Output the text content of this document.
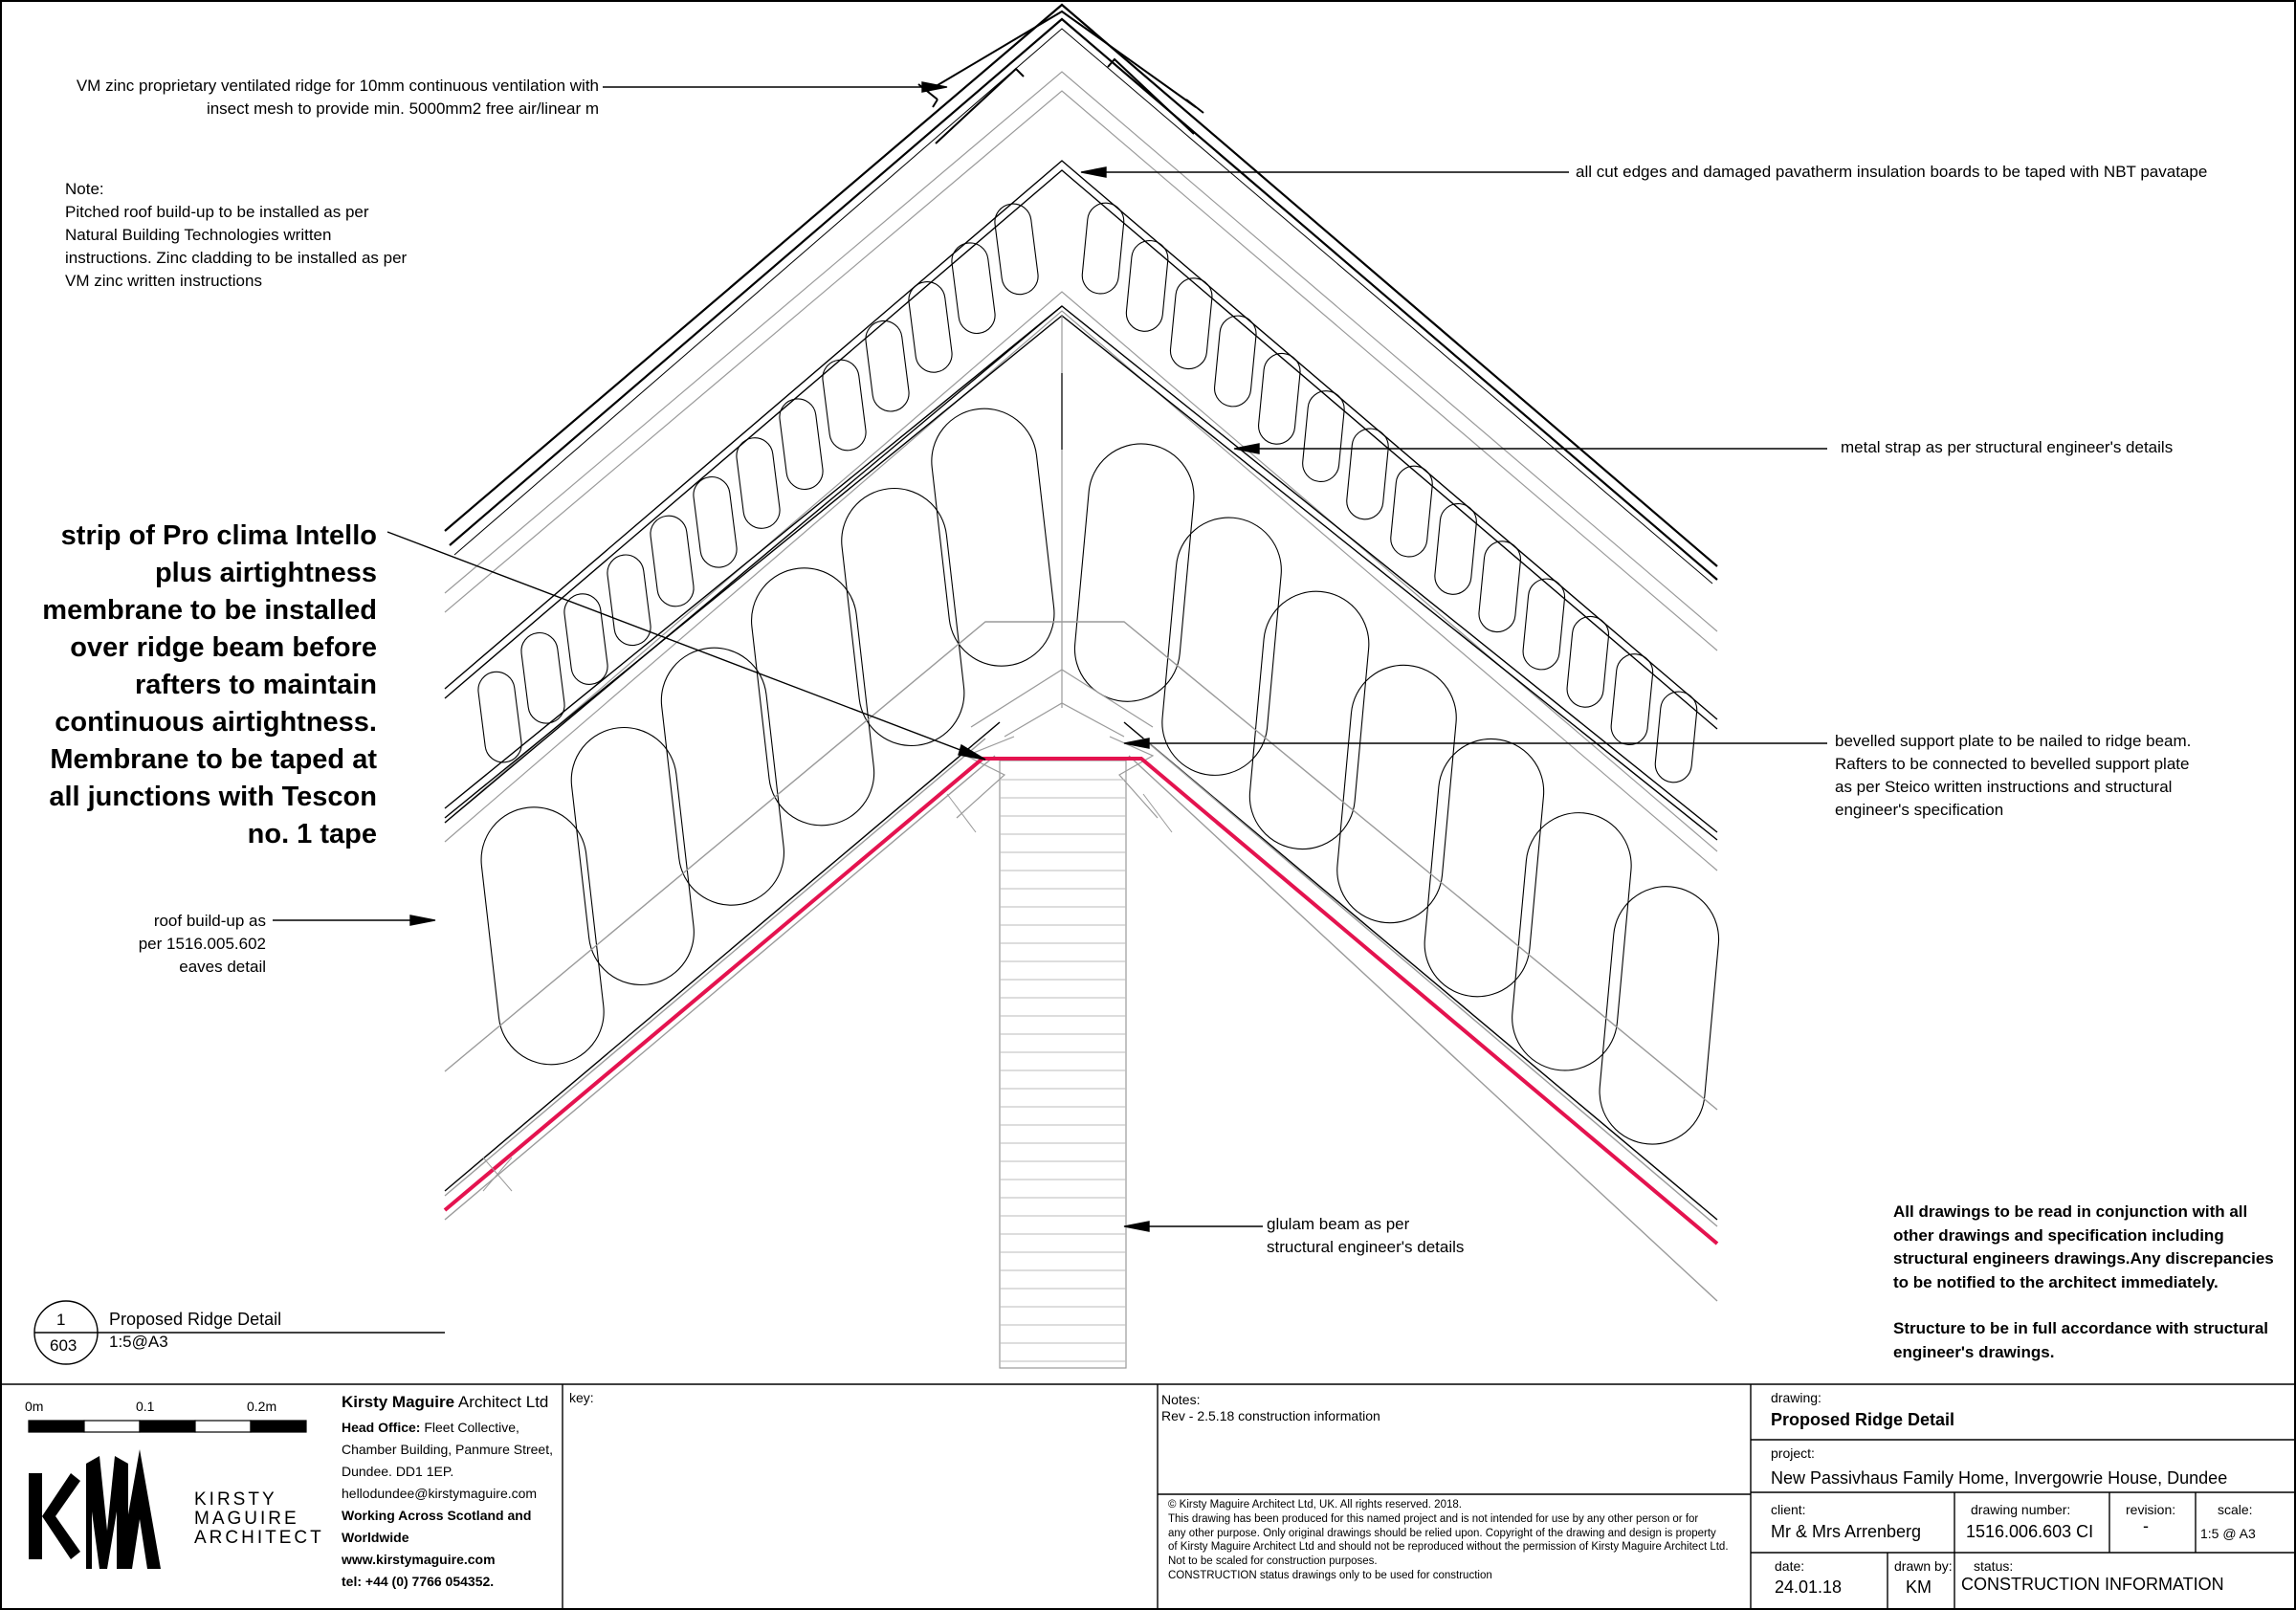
VM zinc proprietary ventilated ridge for 10mm continuous ventilation with
insect mesh to provide min. 5000mm2 free air/linear m
Note:
Pitched roof build-up to be installed as per
Natural Building Technologies written
instructions. Zinc cladding to be installed as per
VM zinc written instructions
all cut edges and damaged pavatherm insulation boards to be taped with NBT pavatape
metal strap as per structural engineer's details
strip of Pro clima Intello
plus airtightness
membrane to be installed
over ridge beam before
rafters to maintain
continuous airtightness.
Membrane to be taped at
all junctions with Tescon
no. 1 tape
bevelled support plate to be nailed to ridge beam.
Rafters to be connected to bevelled support plate
as per Steico written instructions and structural
engineer's specification
roof build-up as
per 1516.005.602
eaves detail
glulam beam as per
structural engineer's details
All drawings to be read in conjunction with all
other drawings and specification including
structural engineers drawings.Any discrepancies
to be notified to the architect immediately.
Structure to be in full accordance with structural
engineer's drawings.
1
603
Proposed Ridge Detail
1:5@A3
0m	0.1	0.2m
KIRSTY
MAGUIRE
ARCHITECT
Kirsty Maguire Architect Ltd
Head Office: Fleet Collective,
Chamber Building, Panmure Street,
Dundee. DD1 1EP.
hellodundee@kirstymaguire.com
Working Across Scotland and
Worldwide
www.kirstymaguire.com
tel: +44 (0) 7766 054352.
key:	Notes:
Rev - 2.5.18 construction information
© Kirsty Maguire Architect Ltd, UK. All rights reserved. 2018.
This drawing has been produced for this named project and is not intended for use by any other person or for
any other purpose. Only original drawings should be relied upon. Copyright of the drawing and design is property
of Kirsty Maguire Architect Ltd and should not be reproduced without the permission of Kirsty Maguire Architect Ltd.
Not to be scaled for construction purposes.
CONSTRUCTION status drawings only to be used for construction
drawing:
Proposed Ridge Detail
project:
New Passivhaus Family Home, Invergowrie House, Dundee
client:
Mr & Mrs Arrenberg
drawing number:
1516.006.603 CI
revision:
-
scale:
1:5 @ A3
date:
24.01.18
drawn by:
KM
status:
CONSTRUCTION INFORMATION
